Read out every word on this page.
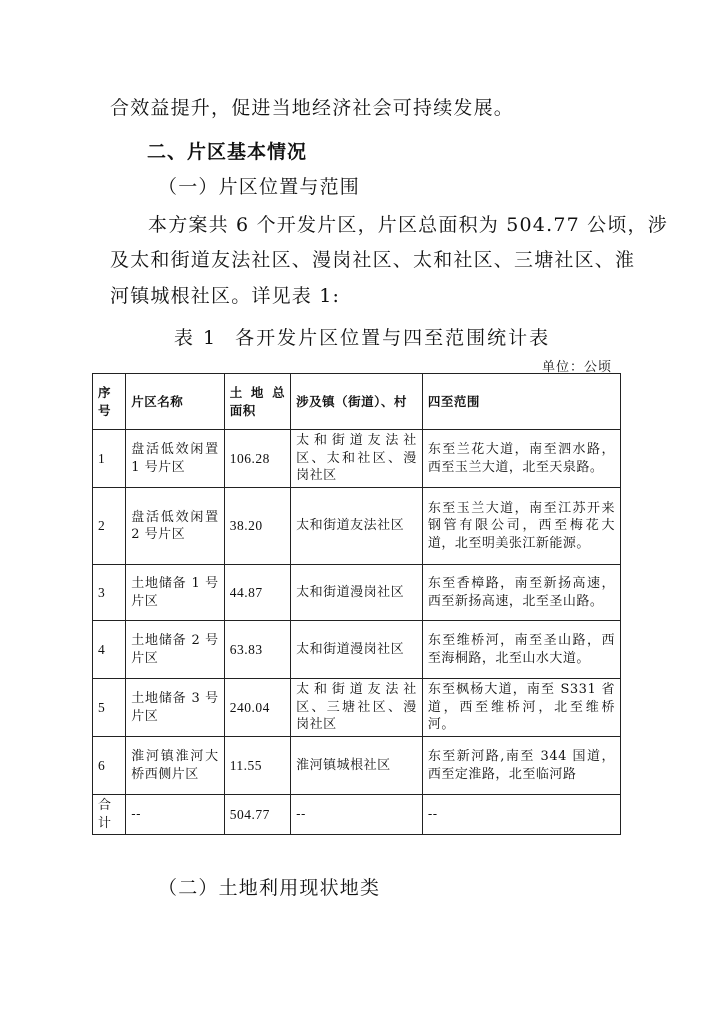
合效益提升，促进当地经济社会可持续发展。
二、片区基本情况
（一）片区位置与范围
本方案共 6 个开发片区，片区总面积为 504.77 公顷，涉
及太和街道友法社区、漫岗社区、太和社区、三塘社区、淮
河镇城根社区。详见表 1:
表 1 各开发片区位置与四至范围统计表
单位：公顷
序号	片区名称	土 地 总 面积	涉及镇（街道）、村	四至范围
1	盘活低效闲置 1 号片区	106.28	太和街道友法社区、太和社区、漫岗社区	东至兰花大道，南至泗水路，西至玉兰大道，北至天泉路。
2	盘活低效闲置 2 号片区	38.20	太和街道友法社区	东至玉兰大道，南至江苏开来钢管有限公司，西至梅花大道，北至明美张江新能源。
3	土地储备 1 号片区	44.87	太和街道漫岗社区	东至香樟路，南至新扬高速，西至新扬高速，北至圣山路。
4	土地储备 2 号片区	63.83	太和街道漫岗社区	东至维桥河，南至圣山路，西至海桐路，北至山水大道。
5	土地储备 3 号片区	240.04	太和街道友法社区、三塘社区、漫岗社区	东至枫杨大道，南至 S331 省道，西至维桥河，北至维桥河。
6	淮河镇淮河大桥西侧片区	11.55	淮河镇城根社区	东至新河路,南至 344 国道，西至定淮路，北至临河路
合计	--	504.77	--	--
（二）土地利用现状地类
